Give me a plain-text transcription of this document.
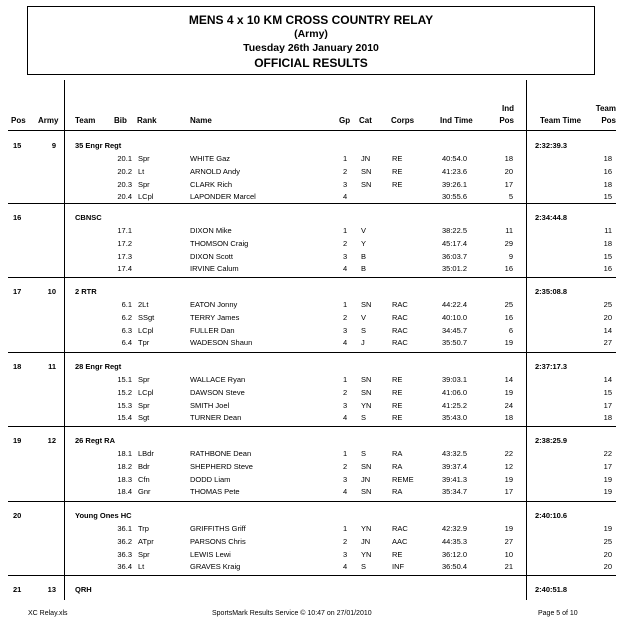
MENS 4 x 10 KM CROSS COUNTRY RELAY
(Army)
Tuesday 26th January 2010
OFFICIAL RESULTS
Pos Army Team Bib Rank	Name	Gp Cat Corps	Ind Time
Ind
Pos	Team Time
Team
Pos
15	9	35 Engr Regt	2:32:39.3
20.1 Spr	WHITE Gaz	1 JN	RE	40:54.0	18	18
20.2 Lt	ARNOLD Andy	2 SN	RE	41:23.6	20	16
20.3 Spr	CLARK Rich	3 SN	RE	39:26.1	17	18
20.4 LCpl	LAPONDER Marcel	4	30:55.6	5	15
16	CBNSC	2:34:44.8
17.1	DIXON Mike	1 V	38:22.5	11	11
17.2	THOMSON Craig	2 Y	45:17.4	29	18
17.3	DIXON Scott	3 B	36:03.7	9	15
17.4	IRVINE Calum	4 B	35:01.2	16	16
17	10	2 RTR	2:35:08.8
6.1 2Lt	EATON Jonny	1 SN	RAC	44:22.4	25	25
6.2 SSgt	TERRY James	2 V	RAC	40:10.0	16	20
6.3 LCpl	FULLER Dan	3 S	RAC	34:45.7	6	14
6.4 Tpr	WADESON Shaun	4 J	RAC	35:50.7	19	27
18	11	28 Engr Regt	2:37:17.3
15.1 Spr	WALLACE Ryan	1 SN	RE	39:03.1	14	14
15.2 LCpl	DAWSON Steve	2 SN	RE	41:06.0	19	15
15.3 Spr	SMITH Joel	3 YN	RE	41:25.2	24	17
15.4 Sgt	TURNER Dean	4 S	RE	35:43.0	18	18
19	12	26 Regt RA	2:38:25.9
18.1 LBdr	RATHBONE Dean	1 S	RA	43:32.5	22	22
18.2 Bdr	SHEPHERD Steve	2 SN	RA	39:37.4	12	17
18.3 Cfn	DODD Liam	3 JN	REME	39:41.3	19	19
18.4 Gnr	THOMAS Pete	4 SN	RA	35:34.7	17	19
20	Young Ones HC	2:40:10.6
36.1 Trp	GRIFFITHS Griff	1 YN	RAC	42:32.9	19	19
36.2 ATpr	PARSONS Chris	2 JN	AAC	44:35.3	27	25
36.3 Spr	LEWIS Lewi	3 YN	RE	36:12.0	10	20
36.4 Lt	GRAVES Kraig	4 S	INF	36:50.4	21	20
21	13	QRH	2:40:51.8
XC Relay.xls	SportsMark Results Service © 10:47 on 27/01/2010	Page 5 of 10
